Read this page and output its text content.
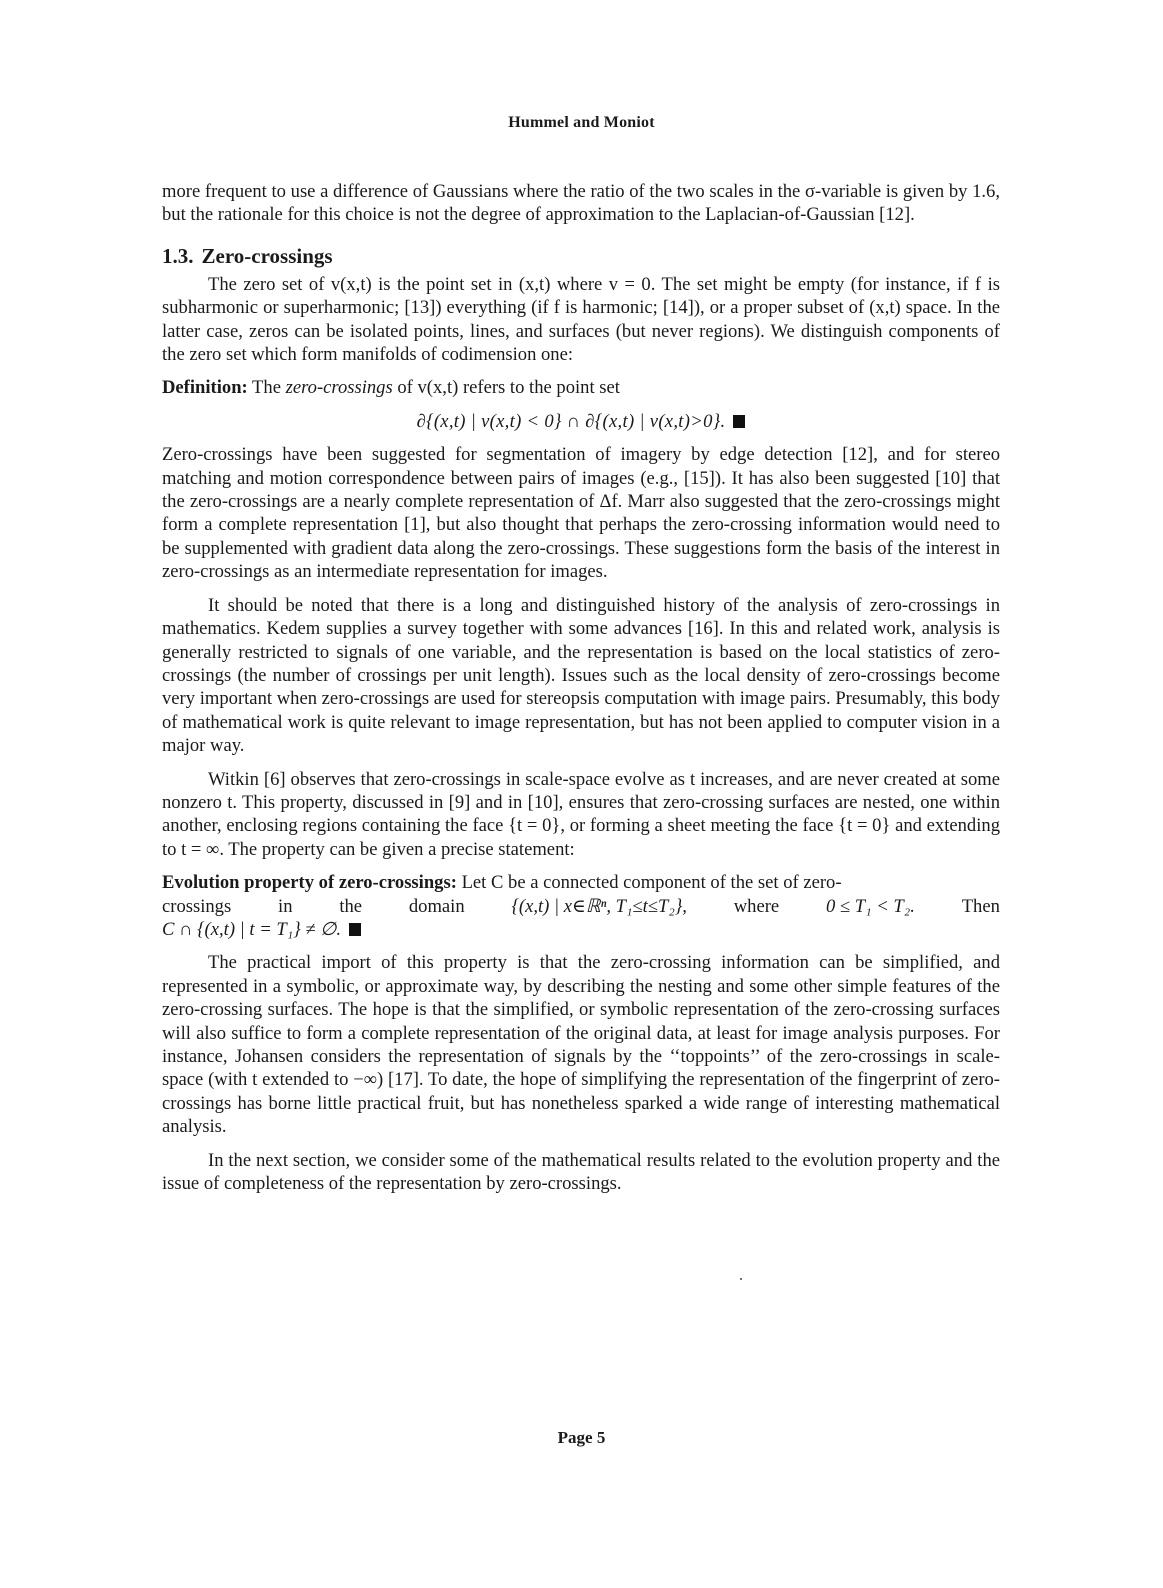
Hummel and Moniot

more frequent to use a difference of Gaussians where the ratio of the two scales in the σ-variable is given by 1.6, but the rationale for this choice is not the degree of approximation to the Laplacian-of-Gaussian [12].

1.3. Zero-crossings

The zero set of v(x,t) is the point set in (x,t) where v = 0. The set might be empty (for instance, if f is subharmonic or superharmonic; [13]) everything (if f is harmonic; [14]), or a proper subset of (x,t) space. In the latter case, zeros can be isolated points, lines, and surfaces (but never regions). We distinguish components of the zero set which form manifolds of codimension one:

Definition: The zero-crossings of v(x,t) refers to the point set

∂{(x,t) | v(x,t) < 0} ∩ ∂{(x,t) | v(x,t)>0}.

Zero-crossings have been suggested for segmentation of imagery by edge detection [12], and for stereo matching and motion correspondence between pairs of images (e.g., [15]). It has also been suggested [10] that the zero-crossings are a nearly complete representation of Δf. Marr also suggested that the zero-crossings might form a complete representation [1], but also thought that perhaps the zero-crossing information would need to be supplemented with gradient data along the zero-crossings. These suggestions form the basis of the interest in zero-crossings as an intermediate representation for images.

It should be noted that there is a long and distinguished history of the analysis of zero-crossings in mathematics. Kedem supplies a survey together with some advances [16]. In this and related work, analysis is generally restricted to signals of one variable, and the representation is based on the local statistics of zero-crossings (the number of crossings per unit length). Issues such as the local density of zero-crossings become very important when zero-crossings are used for stereopsis computation with image pairs. Presumably, this body of mathematical work is quite relevant to image representation, but has not been applied to computer vision in a major way.

Witkin [6] observes that zero-crossings in scale-space evolve as t increases, and are never created at some nonzero t. This property, discussed in [9] and in [10], ensures that zero-crossing surfaces are nested, one within another, enclosing regions containing the face {t = 0}, or forming a sheet meeting the face {t = 0} and extending to t = ∞. The property can be given a precise statement:

Evolution property of zero-crossings: Let C be a connected component of the set of zero-

crossings	in	the	domain	{(x,t) | x∈ℝⁿ, T₁≤t≤T₂},	where	0 ≤ T₁ < T₂.	Then

C ∩ {(x,t) | t = T₁} ≠ ∅.

The practical import of this property is that the zero-crossing information can be simplified, and represented in a symbolic, or approximate way, by describing the nesting and some other simple features of the zero-crossing surfaces. The hope is that the simplified, or symbolic representation of the zero-crossing surfaces will also suffice to form a complete representation of the original data, at least for image analysis purposes. For instance, Johansen considers the representation of signals by the ‘‘toppoints’’ of the zero-crossings in scale-space (with t extended to −∞) [17]. To date, the hope of simplifying the representation of the fingerprint of zero-crossings has borne little practical fruit, but has nonetheless sparked a wide range of interesting mathematical analysis.

In the next section, we consider some of the mathematical results related to the evolution property and the issue of completeness of the representation by zero-crossings.

Page 5
